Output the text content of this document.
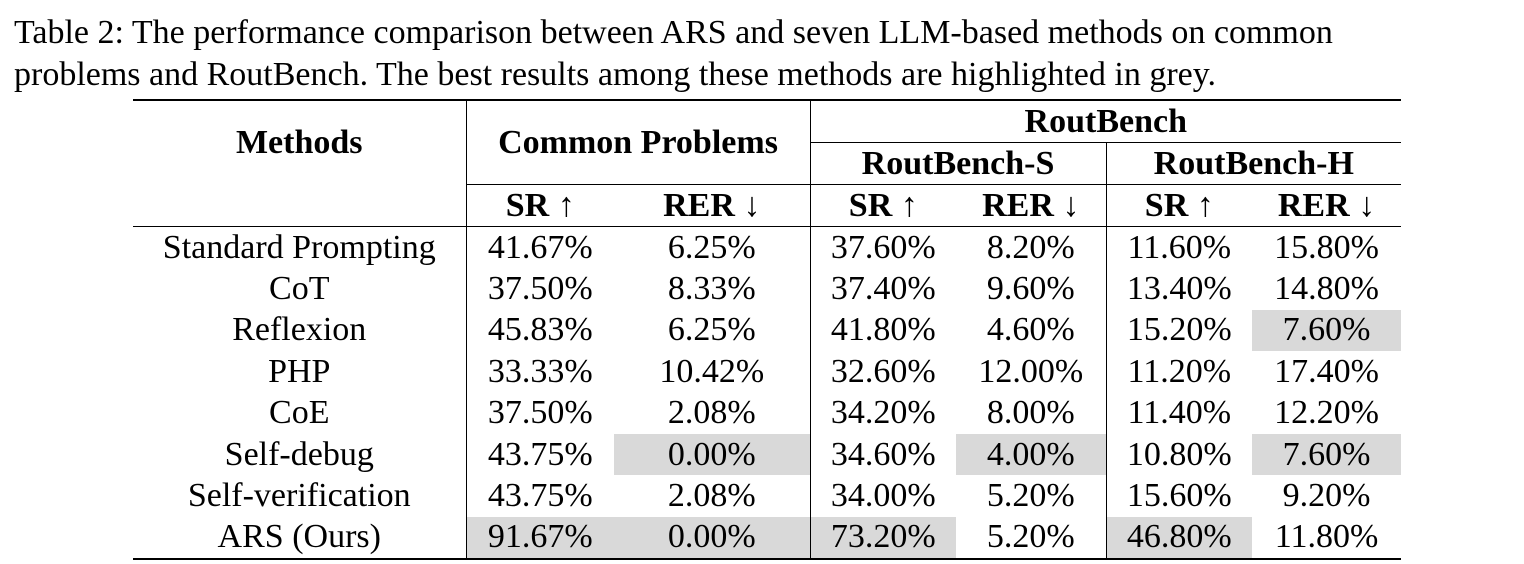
Table 2: The performance comparison between ARS and seven LLM-based methods on common
problems and RoutBench. The best results among these methods are highlighted in grey.
Methods	Common Problems		RoutBench			
			RoutBench-S		RoutBench-H	
	SR ↑	RER ↓	SR ↑	RER ↓	SR ↑	RER ↓
Standard Prompting	41.67%	6.25%	37.60%	8.20%	11.60%	15.80%
CoT	37.50%	8.33%	37.40%	9.60%	13.40%	14.80%
Reflexion	45.83%	6.25%	41.80%	4.60%	15.20%	7.60%
PHP	33.33%	10.42%	32.60%	12.00%	11.20%	17.40%
CoE	37.50%	2.08%	34.20%	8.00%	11.40%	12.20%
Self-debug	43.75%	0.00%	34.60%	4.00%	10.80%	7.60%
Self-verification	43.75%	2.08%	34.00%	5.20%	15.60%	9.20%
ARS (Ours)	91.67%	0.00%	73.20%	5.20%	46.80%	11.80%
